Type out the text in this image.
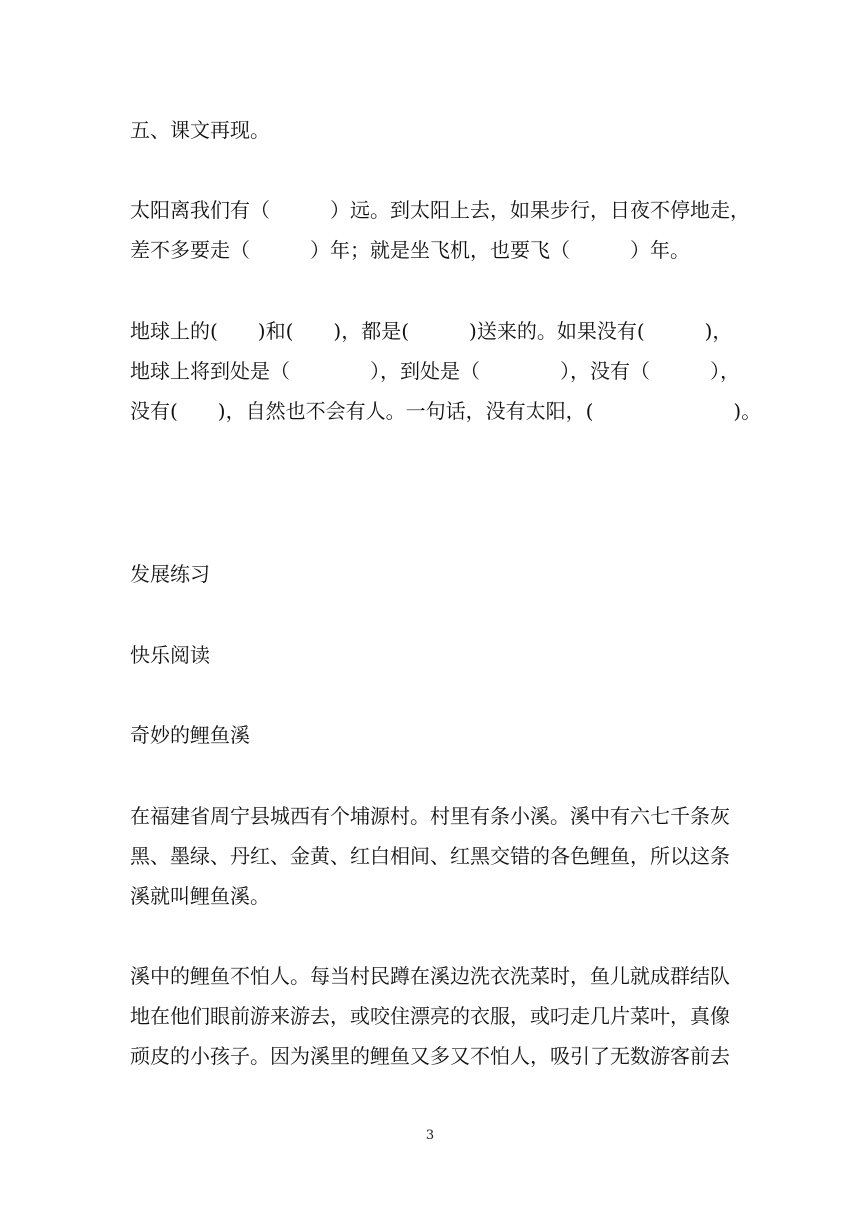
五、课文再现。
太阳离我们有（　　　）远。到太阳上去，如果步行，日夜不停地走，
差不多要走（　　　）年；就是坐飞机，也要飞（　　　）年。
地球上的(　　)和(　　)，都是(　　　)送来的。如果没有(　　　)，
地球上将到处是（　　　　），到处是（　　　　），没有（　　　），
没有(　　)，自然也不会有人。一句话，没有太阳，(　　　　　　　)。
发展练习
快乐阅读
奇妙的鲤鱼溪
在福建省周宁县城西有个埔源村。村里有条小溪。溪中有六七千条灰
黑、墨绿、丹红、金黄、红白相间、红黑交错的各色鲤鱼，所以这条
溪就叫鲤鱼溪。
溪中的鲤鱼不怕人。每当村民蹲在溪边洗衣洗菜时，鱼儿就成群结队
地在他们眼前游来游去，或咬住漂亮的衣服，或叼走几片菜叶，真像
顽皮的小孩子。因为溪里的鲤鱼又多又不怕人，吸引了无数游客前去
3
